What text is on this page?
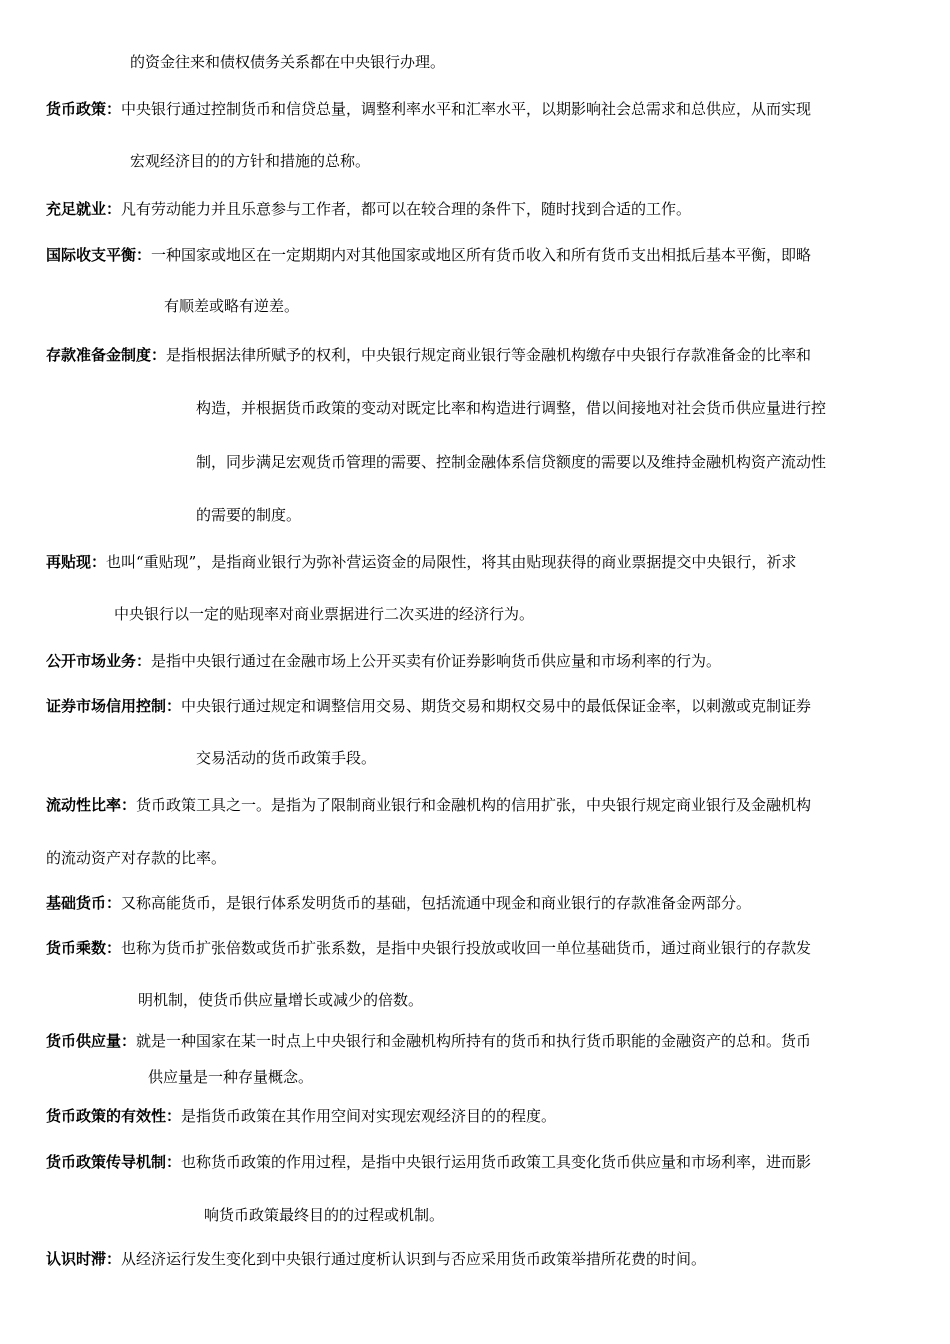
的资金往来和债权债务关系都在中央银行办理。
货币政策： 中央银行通过控制货币和信贷总量，调整利率水平和汇率水平，以期影响社会总需求和总供应，从而实现
宏观经济目的的方针和措施的总称。
充足就业：凡有劳动能力并且乐意参与工作者，都可以在较合理的条件下，随时找到合适的工作。
国际收支平衡：一种国家或地区在一定期期内对其他国家或地区所有货币收入和所有货币支出相抵后基本平衡，即略
有顺差或略有逆差。
存款准备金制度：是指根据法律所赋予的权利，中央银行规定商业银行等金融机构缴存中央银行存款准备金的比率和
构造，并根据货币政策的变动对既定比率和构造进行调整，借以间接地对社会货币供应量进行控
制，同步满足宏观货币管理的需要、控制金融体系信贷额度的需要以及维持金融机构资产流动性
的需要的制度。
再贴现：也叫“重贴现”，是指商业银行为弥补营运资金的局限性，将其由贴现获得的商业票据提交中央银行，祈求
中央银行以一定的贴现率对商业票据进行二次买进的经济行为。
公开市场业务：是指中央银行通过在金融市场上公开买卖有价证券影响货币供应量和市场利率的行为。
证券市场信用控制：中央银行通过规定和调整信用交易、期货交易和期权交易中的最低保证金率，以刺激或克制证券
交易活动的货币政策手段。
流动性比率：货币政策工具之一。是指为了限制商业银行和金融机构的信用扩张，中央银行规定商业银行及金融机构
的流动资产对存款的比率。
基础货币：又称高能货币，是银行体系发明货币的基础，包括流通中现金和商业银行的存款准备金两部分。
货币乘数：也称为货币扩张倍数或货币扩张系数，是指中央银行投放或收回一单位基础货币，通过商业银行的存款发
明机制，使货币供应量增长或减少的倍数。
货币供应量：就是一种国家在某一时点上中央银行和金融机构所持有的货币和执行货币职能的金融资产的总和。货币
供应量是一种存量概念。
货币政策的有效性：是指货币政策在其作用空间对实现宏观经济目的的程度。
货币政策传导机制：也称货币政策的作用过程，是指中央银行运用货币政策工具变化货币供应量和市场利率，进而影
响货币政策最终目的的过程或机制。
认识时滞：从经济运行发生变化到中央银行通过度析认识到与否应采用货币政策举措所花费的时间。
